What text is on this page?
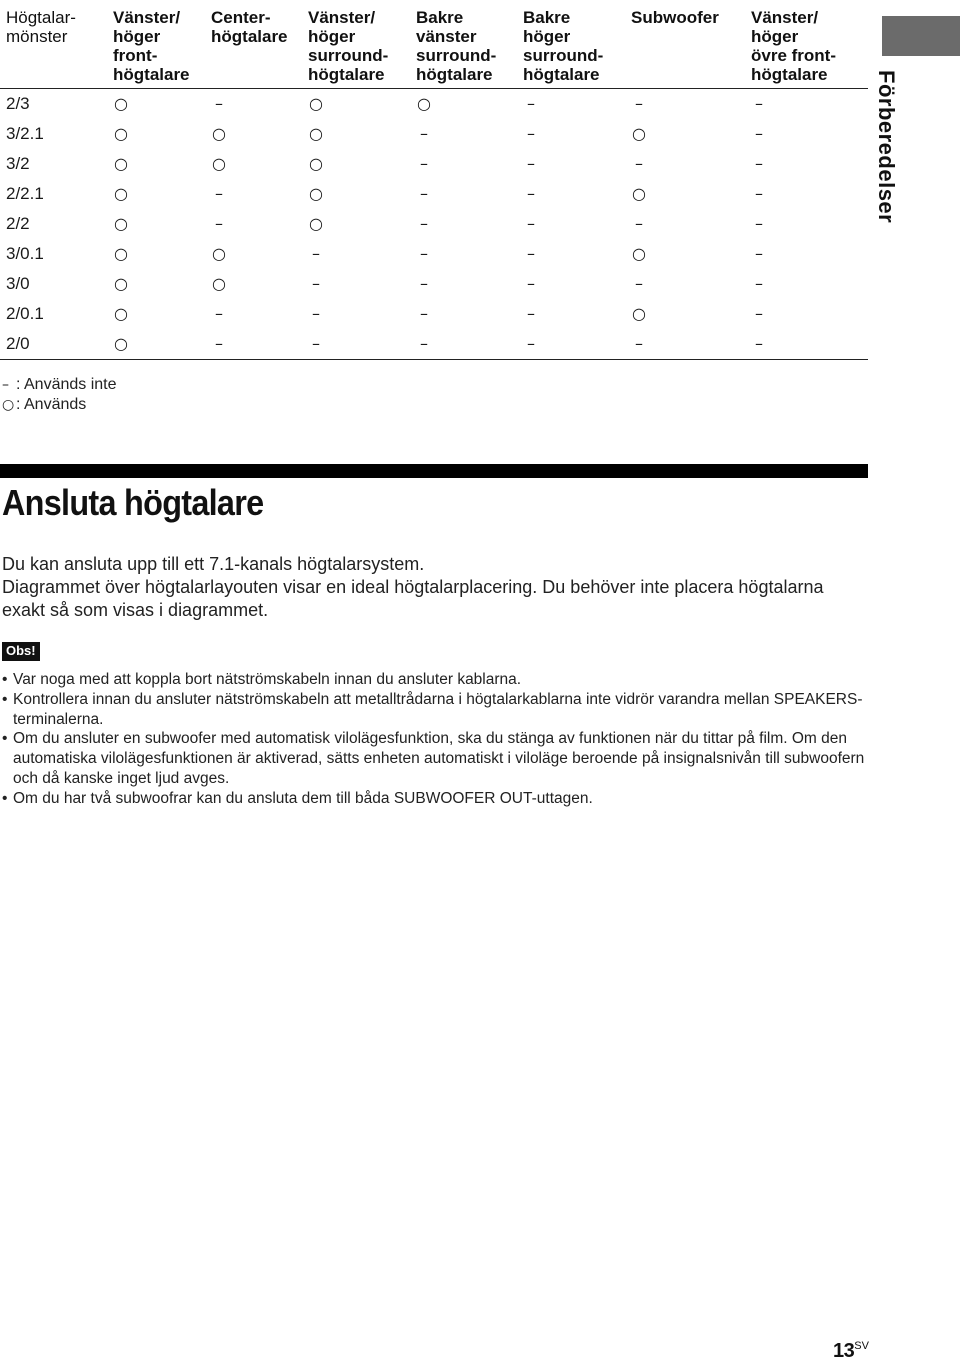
Högtalar-
mönster	Vänster/
höger
front-
högtalare	Center-
högtalare	Vänster/
höger
surround-
högtalare	Bakre
vänster
surround-
högtalare	Bakre
höger
surround-
högtalare	Subwoofer	Vänster/
höger
övre front-
högtalare
2/3	○	–	○	○	–	–	–
3/2.1	○	○	○	–	–	○	–
3/2	○	○	○	–	–	–	–
2/2.1	○	–	○	–	–	○	–
2/2	○	–	○	–	–	–	–
3/0.1	○	○	–	–	–	○	–
3/0	○	○	–	–	–	–	–
2/0.1	○	–	–	–	–	○	–
2/0	○	–	–	–	–	–	–
Förberedelser
– : Används inte
○ : Används
Ansluta högtalare

Du kan ansluta upp till ett 7.1-kanals högtalarsystem.

Diagrammet över högtalarlayouten visar en ideal högtalarplacering. Du behöver inte placera högtalarna exakt så som visas i diagrammet.

Obs!
• Var noga med att koppla bort nätströmskabeln innan du ansluter kablarna.
• Kontrollera innan du ansluter nätströmskabeln att metalltrådarna i högtalarkablarna inte vidrör varandra mellan SPEAKERS-terminalerna.
• Om du ansluter en subwoofer med automatisk vilolägesfunktion, ska du stänga av funktionen när du tittar på film. Om den automatiska vilolägesfunktionen är aktiverad, sätts enheten automatiskt i viloläge beroende på insignalsnivån till subwoofern och då kanske inget ljud avges.
• Om du har två subwoofrar kan du ansluta dem till båda SUBWOOFER OUT-uttagen.
$13^{SV}$
